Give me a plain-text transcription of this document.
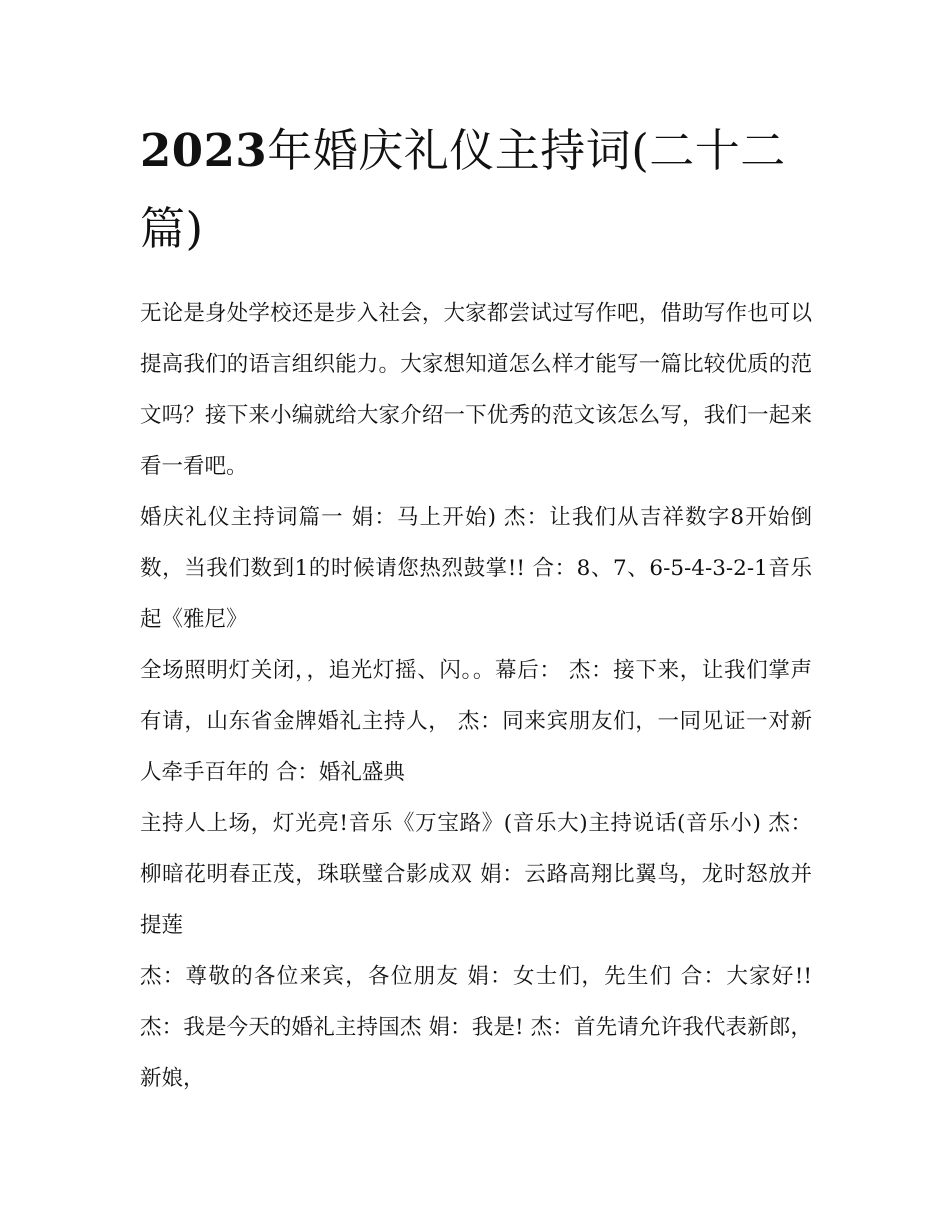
2023年婚庆礼仪主持词(二十二篇)

无论是身处学校还是步入社会，大家都尝试过写作吧，借助写作也可以提高我们的语言组织能力。大家想知道怎么样才能写一篇比较优质的范文吗？接下来小编就给大家介绍一下优秀的范文该怎么写，我们一起来看一看吧。

婚庆礼仪主持词篇一 娟：马上开始) 杰：让我们从吉祥数字8开始倒数，当我们数到1的时候请您热烈鼓掌!! 合：8、7、6-5-4-3-2-1音乐起《雅尼》

全场照明灯关闭，，追光灯摇、闪。。幕后： 杰：接下来，让我们掌声有请，山东省金牌婚礼主持人， 杰：同来宾朋友们，一同见证一对新人牵手百年的 合：婚礼盛典

主持人上场，灯光亮!音乐《万宝路》(音乐大)主持说话(音乐小) 杰：柳暗花明春正茂，珠联璧合影成双 娟：云路高翔比翼鸟，龙时怒放并提莲

杰：尊敬的各位来宾，各位朋友 娟：女士们，先生们 合：大家好!! 杰：我是今天的婚礼主持国杰 娟：我是! 杰：首先请允许我代表新郎，新娘，
